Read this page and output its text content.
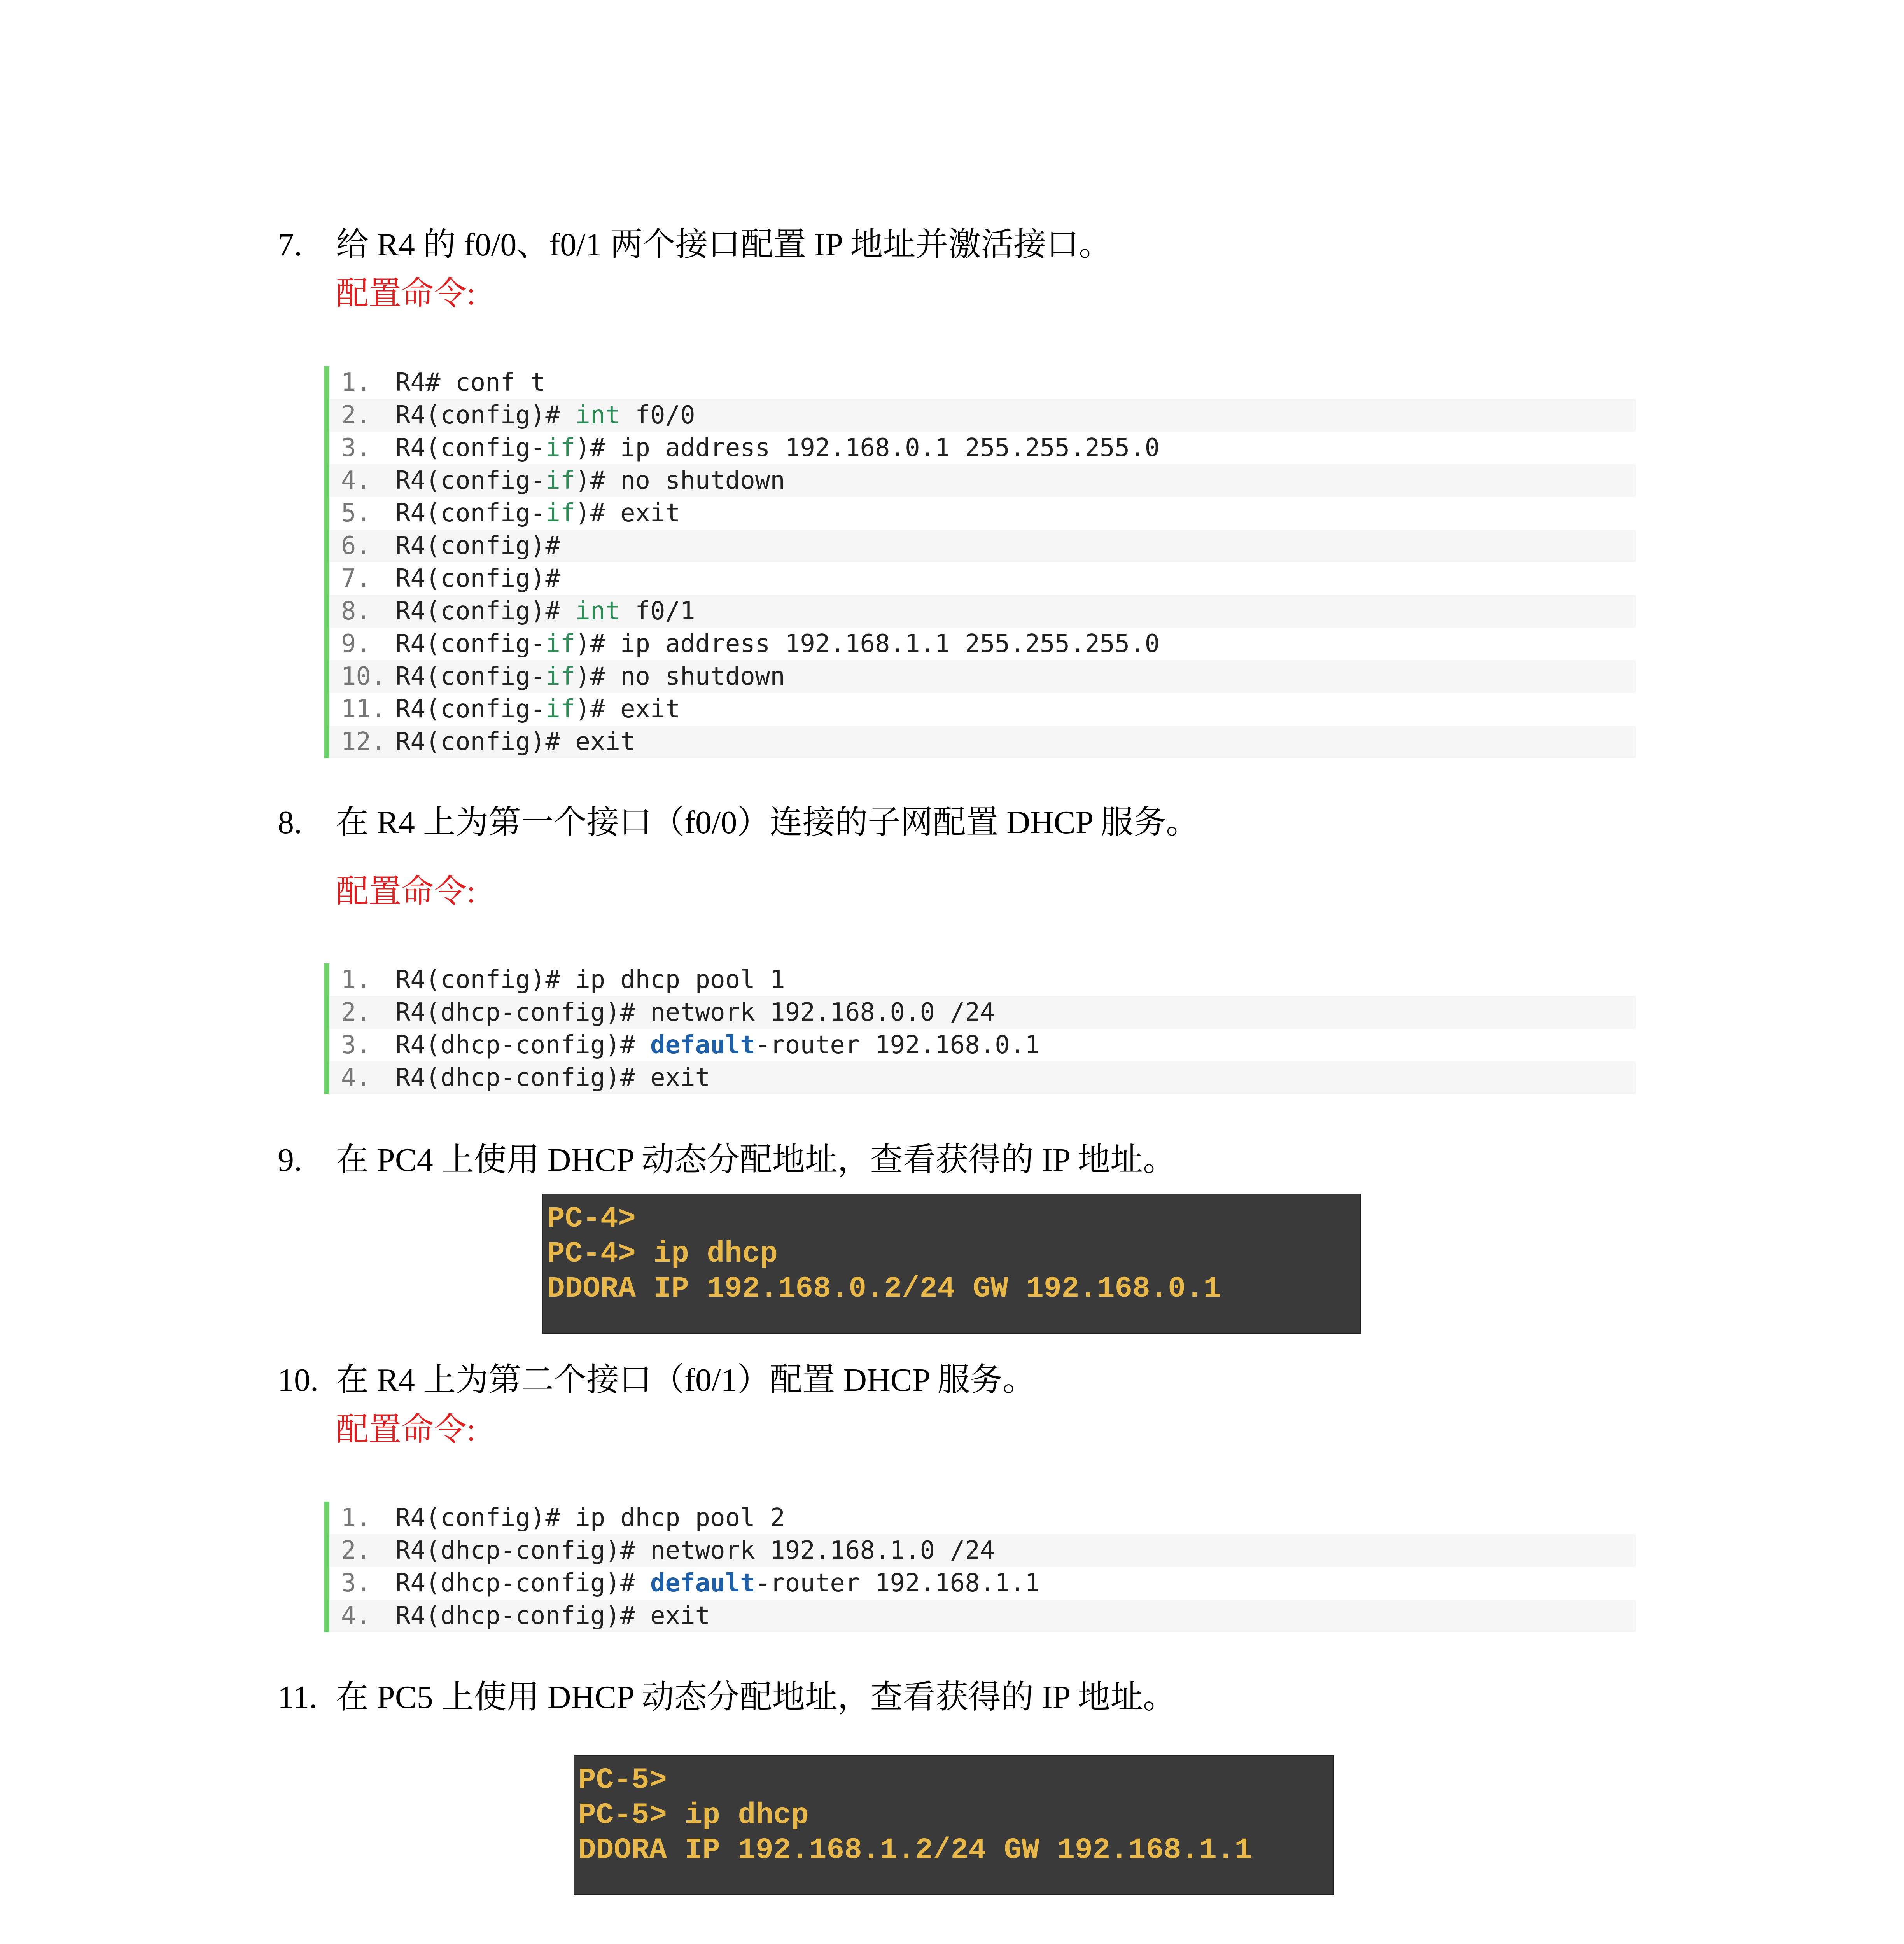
7. 给 R4 的 f0/0、f0/1 两个接口配置 IP 地址并激活接口。
配置命令:
1. R4# conf t
2. R4(config)# int f0/0
3. R4(config-if)# ip address 192.168.0.1 255.255.255.0
4. R4(config-if)# no shutdown
5. R4(config-if)# exit
6. R4(config)#
7. R4(config)#
8. R4(config)# int f0/1
9. R4(config-if)# ip address 192.168.1.1 255.255.255.0
10. R4(config-if)# no shutdown
11. R4(config-if)# exit
12. R4(config)# exit
8. 在 R4 上为第一个接口（f0/0）连接的子网配置 DHCP 服务。
配置命令:
1. R4(config)# ip dhcp pool 1
2. R4(dhcp-config)# network 192.168.0.0 /24
3. R4(dhcp-config)# default-router 192.168.0.1
4. R4(dhcp-config)# exit
9. 在 PC4 上使用 DHCP 动态分配地址，查看获得的 IP 地址。
PC-4>
PC-4> ip dhcp
DDORA IP 192.168.0.2/24 GW 192.168.0.1
10. 在 R4 上为第二个接口（f0/1）配置 DHCP 服务。
配置命令:
1. R4(config)# ip dhcp pool 2
2. R4(dhcp-config)# network 192.168.1.0 /24
3. R4(dhcp-config)# default-router 192.168.1.1
4. R4(dhcp-config)# exit
11. 在 PC5 上使用 DHCP 动态分配地址，查看获得的 IP 地址。
PC-5>
PC-5> ip dhcp
DDORA IP 192.168.1.2/24 GW 192.168.1.1
